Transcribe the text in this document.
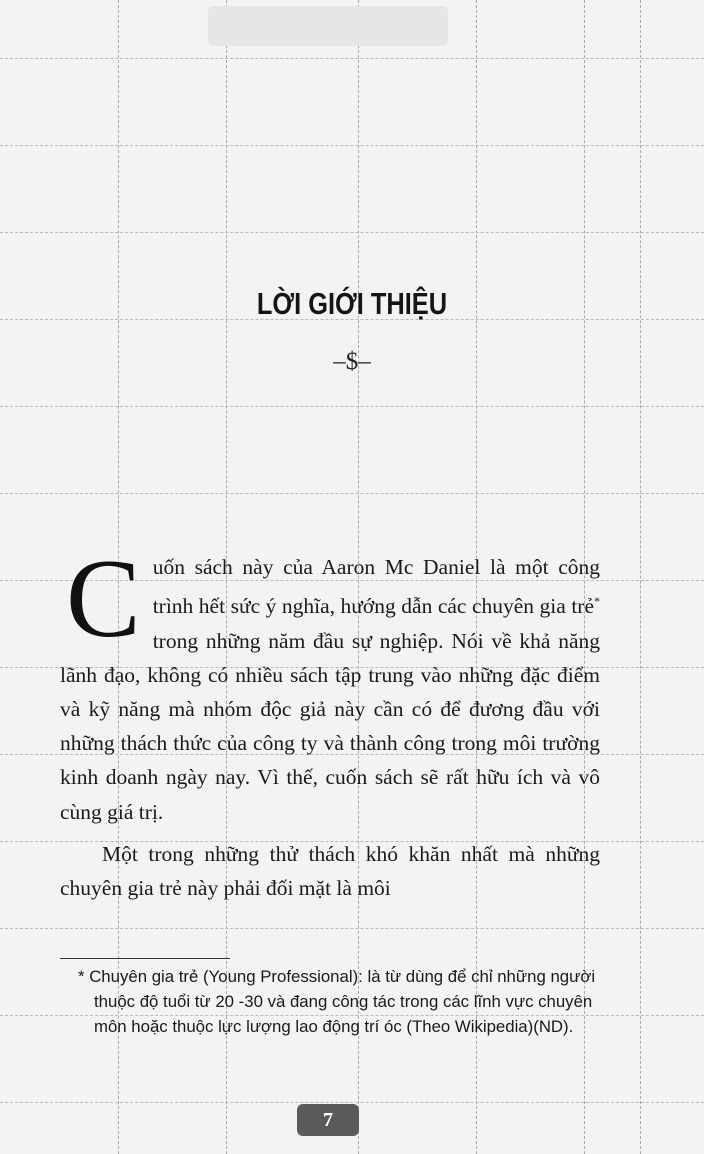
LỜI GIỚI THIỆU
–$–

Cuốn sách này của Aaron Mc Daniel là một công trình hết sức ý nghĩa, hướng dẫn các chuyên gia trẻ* trong những năm đầu sự nghiệp. Nói về khả năng lãnh đạo, không có nhiều sách tập trung vào những đặc điểm và kỹ năng mà nhóm độc giả này cần có để đương đầu với những thách thức của công ty và thành công trong môi trường kinh doanh ngày nay. Vì thế, cuốn sách sẽ rất hữu ích và vô cùng giá trị.

Một trong những thử thách khó khăn nhất mà những chuyên gia trẻ này phải đối mặt là môi

* Chuyên gia trẻ (Young Professional): là từ dùng để chỉ những người thuộc độ tuổi từ 20 -30 và đang công tác trong các lĩnh vực chuyên môn hoặc thuộc lực lượng lao động trí óc (Theo Wikipedia)(ND).
7
